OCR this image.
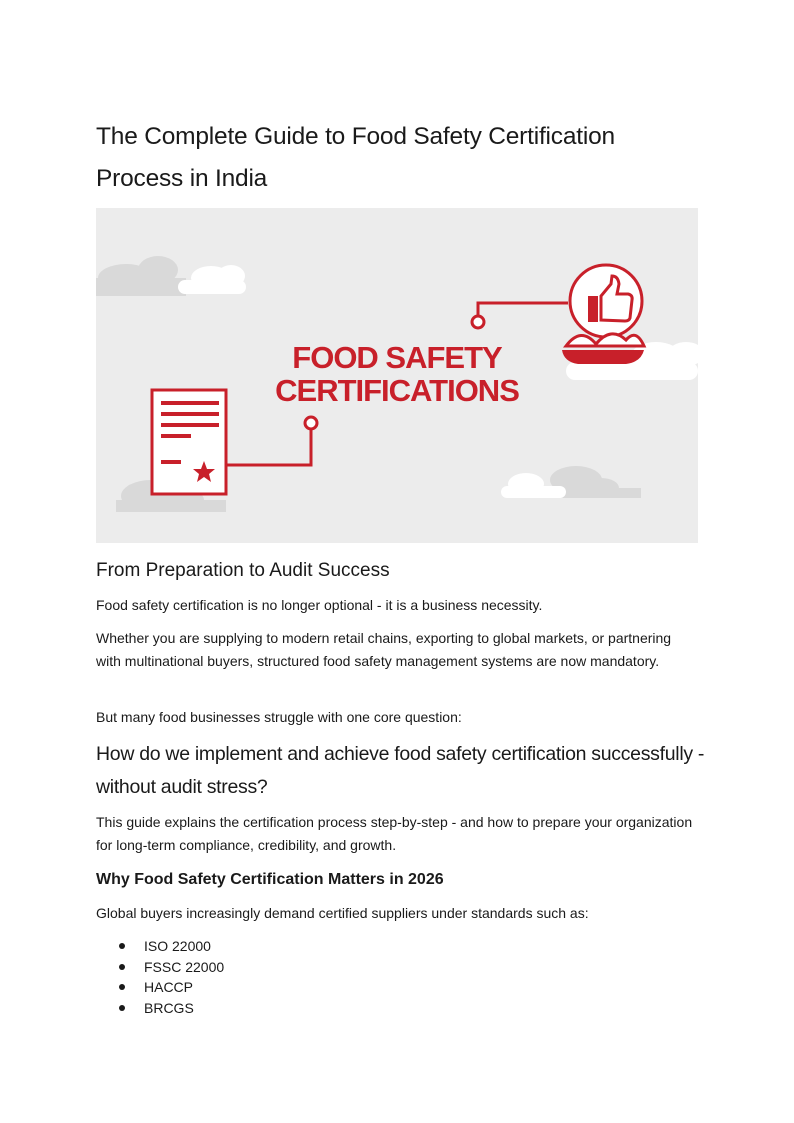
The Complete Guide to Food Safety Certification Process in India
FOOD SAFETY
CERTIFICATIONS
From Preparation to Audit Success

Food safety certification is no longer optional - it is a business necessity.

Whether you are supplying to modern retail chains, exporting to global markets, or partnering with multinational buyers, structured food safety management systems are now mandatory.

But many food businesses struggle with one core question:

How do we implement and achieve food safety certification successfully - without audit stress?

This guide explains the certification process step-by-step - and how to prepare your organization for long-term compliance, credibility, and growth.

Why Food Safety Certification Matters in 2026

Global buyers increasingly demand certified suppliers under standards such as:

ISO 22000
FSSC 22000
HACCP
BRCGS
